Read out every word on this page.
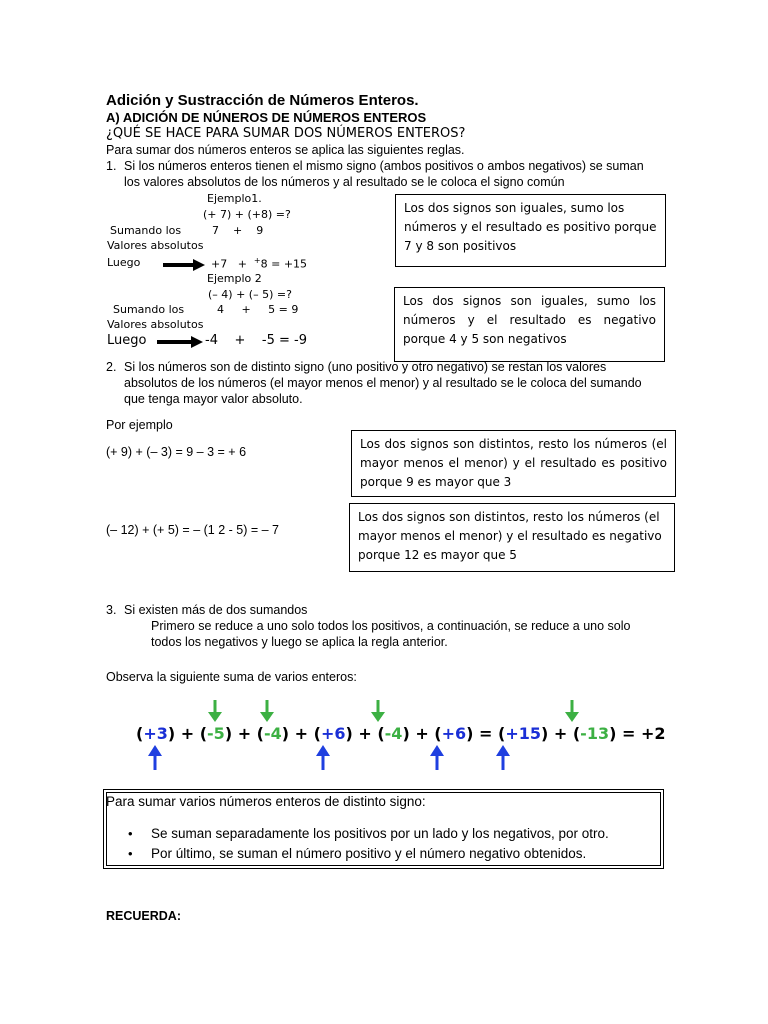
Adición y Sustracción de Números Enteros.
A) ADICIÓN DE NÚNEROS DE NÚMEROS ENTEROS
¿QUÉ SE HACE PARA SUMAR DOS NÚMEROS ENTEROS?
Para sumar dos números enteros se aplica las siguientes reglas.
1. Si los números enteros tienen el mismo signo (ambos positivos o ambos negativos) se suman
los valores absolutos de los números y al resultado se le coloca el signo común
Ejemplo1.
(+ 7) + (+8) =?
Sumando los	7    +    9
Valores absolutos
Luego	+7   +  +8 = +15

Los dos signos son iguales, sumo los números y el resultado es positivo porque 7 y 8 son positivos

Ejemplo 2
(– 4) + (– 5) =?
Sumando los	4     +     5 = 9
Valores absolutos
Luego	-4    +    -5 = -9

Los dos signos son iguales, sumo los números y el resultado es negativo porque 4 y 5 son negativos

2. Si los números son de distinto signo (uno positivo y otro negativo) se restan los valores
absolutos de los números (el mayor menos el menor) y al resultado se le coloca del sumando
que tenga mayor valor absoluto.
Por ejemplo
(+ 9) + (– 3) = 9 – 3 = + 6

Los dos signos son distintos, resto los números (el mayor menos el menor) y el resultado es positivo porque 9 es mayor que 3

(– 12) + (+ 5) = – (1 2 - 5) = – 7

Los dos signos son distintos, resto los números (el mayor menos el menor) y el resultado es negativo porque 12 es mayor que 5

3. Si existen más de dos sumandos
Primero se reduce a uno solo todos los positivos, a continuación, se reduce a uno solo
todos los negativos y luego se aplica la regla anterior.
Observa la siguiente suma de varios enteros:
(+3) + (-5) + (-4) + (+6) + (-4) + (+6) = (+15) + (-13) = +2
Para sumar varios números enteros de distinto signo:
• Se suman separadamente los positivos por un lado y los negativos, por otro.
• Por último, se suman el número positivo y el número negativo obtenidos.
RECUERDA:
